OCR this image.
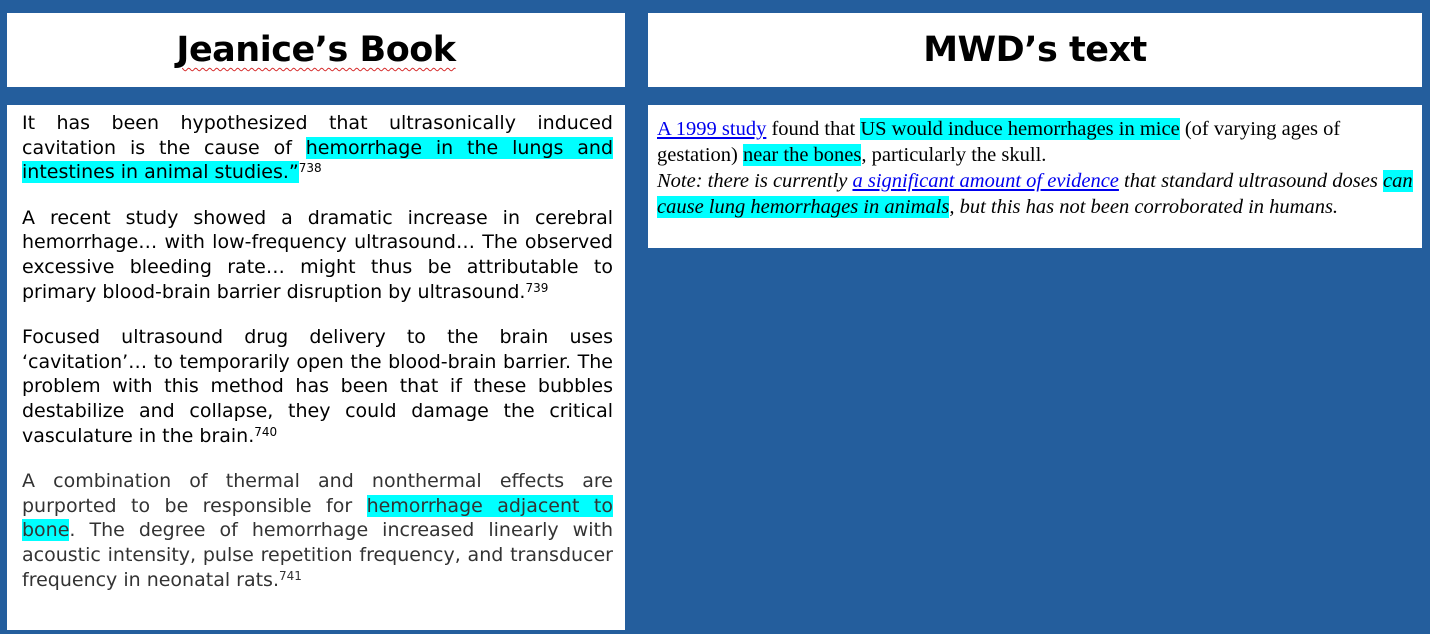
Jeanice’s Book	MWD’s text

It has been hypothesized that ultrasonically induced cavitation is the cause of hemorrhage in the lungs and intestines in animal studies.”$^{738}$

A recent study showed a dramatic increase in cerebral hemorrhage… with low-frequency ultrasound… The observed excessive bleeding rate… might thus be attributable to primary blood-brain barrier disruption by ultrasound.$^{739}$

Focused ultrasound drug delivery to the brain uses ‘cavitation’… to temporarily open the blood-brain barrier. The problem with this method has been that if these bubbles destabilize and collapse, they could damage the critical vasculature in the brain.$^{740}$

A combination of thermal and nonthermal effects are purported to be responsible for hemorrhage adjacent to bone. The degree of hemorrhage increased linearly with acoustic intensity, pulse repetition frequency, and transducer frequency in neonatal rats.$^{741}$

A 1999 study found that US would induce hemorrhages in mice (of varying ages of gestation) near the bones, particularly the skull.

Note: there is currently a significant amount of evidence that standard ultrasound doses can cause lung hemorrhages in animals, but this has not been corroborated in humans.
